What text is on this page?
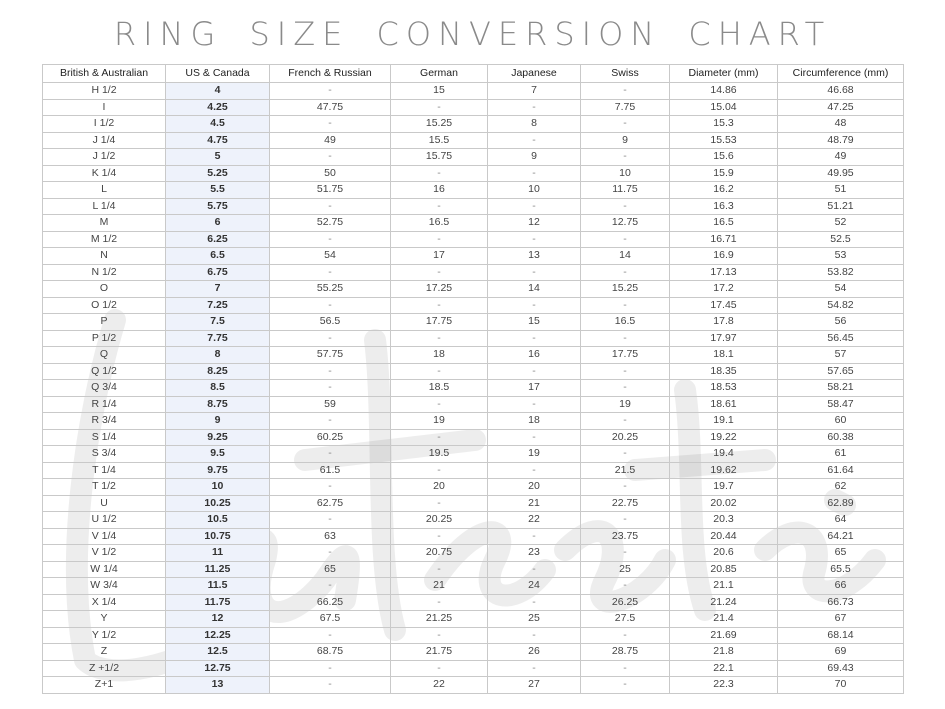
RING SIZE CONVERSION CHART
British & Australian	US & Canada	French & Russian	German	Japanese	Swiss	Diameter (mm)	Circumference (mm)
H 1/2	4	-	15	7	-	14.86	46.68
I	4.25	47.75	-	-	7.75	15.04	47.25
I 1/2	4.5	-	15.25	8	-	15.3	48
J 1/4	4.75	49	15.5	-	9	15.53	48.79
J 1/2	5	-	15.75	9	-	15.6	49
K 1/4	5.25	50	-	-	10	15.9	49.95
L	5.5	51.75	16	10	11.75	16.2	51
L 1/4	5.75	-	-	-	-	16.3	51.21
M	6	52.75	16.5	12	12.75	16.5	52
M 1/2	6.25	-	-	-	-	16.71	52.5
N	6.5	54	17	13	14	16.9	53
N 1/2	6.75	-	-	-	-	17.13	53.82
O	7	55.25	17.25	14	15.25	17.2	54
O 1/2	7.25	-	-	-	-	17.45	54.82
P	7.5	56.5	17.75	15	16.5	17.8	56
P 1/2	7.75	-	-	-	-	17.97	56.45
Q	8	57.75	18	16	17.75	18.1	57
Q 1/2	8.25	-	-	-	-	18.35	57.65
Q 3/4	8.5	-	18.5	17	-	18.53	58.21
R 1/4	8.75	59	-	-	19	18.61	58.47
R 3/4	9	-	19	18	-	19.1	60
S 1/4	9.25	60.25	-	-	20.25	19.22	60.38
S 3/4	9.5	-	19.5	19	-	19.4	61
T 1/4	9.75	61.5	-	-	21.5	19.62	61.64
T 1/2	10	-	20	20	-	19.7	62
U	10.25	62.75	-	21	22.75	20.02	62.89
U 1/2	10.5	-	20.25	22	-	20.3	64
V 1/4	10.75	63	-	-	23.75	20.44	64.21
V 1/2	11	-	20.75	23	-	20.6	65
W 1/4	11.25	65	-	-	25	20.85	65.5
W 3/4	11.5	-	21	24	-	21.1	66
X 1/4	11.75	66.25	-	-	26.25	21.24	66.73
Y	12	67.5	21.25	25	27.5	21.4	67
Y 1/2	12.25	-	-	-	-	21.69	68.14
Z	12.5	68.75	21.75	26	28.75	21.8	69
Z +1/2	12.75	-	-	-	-	22.1	69.43
Z+1	13	-	22	27	-	22.3	70
